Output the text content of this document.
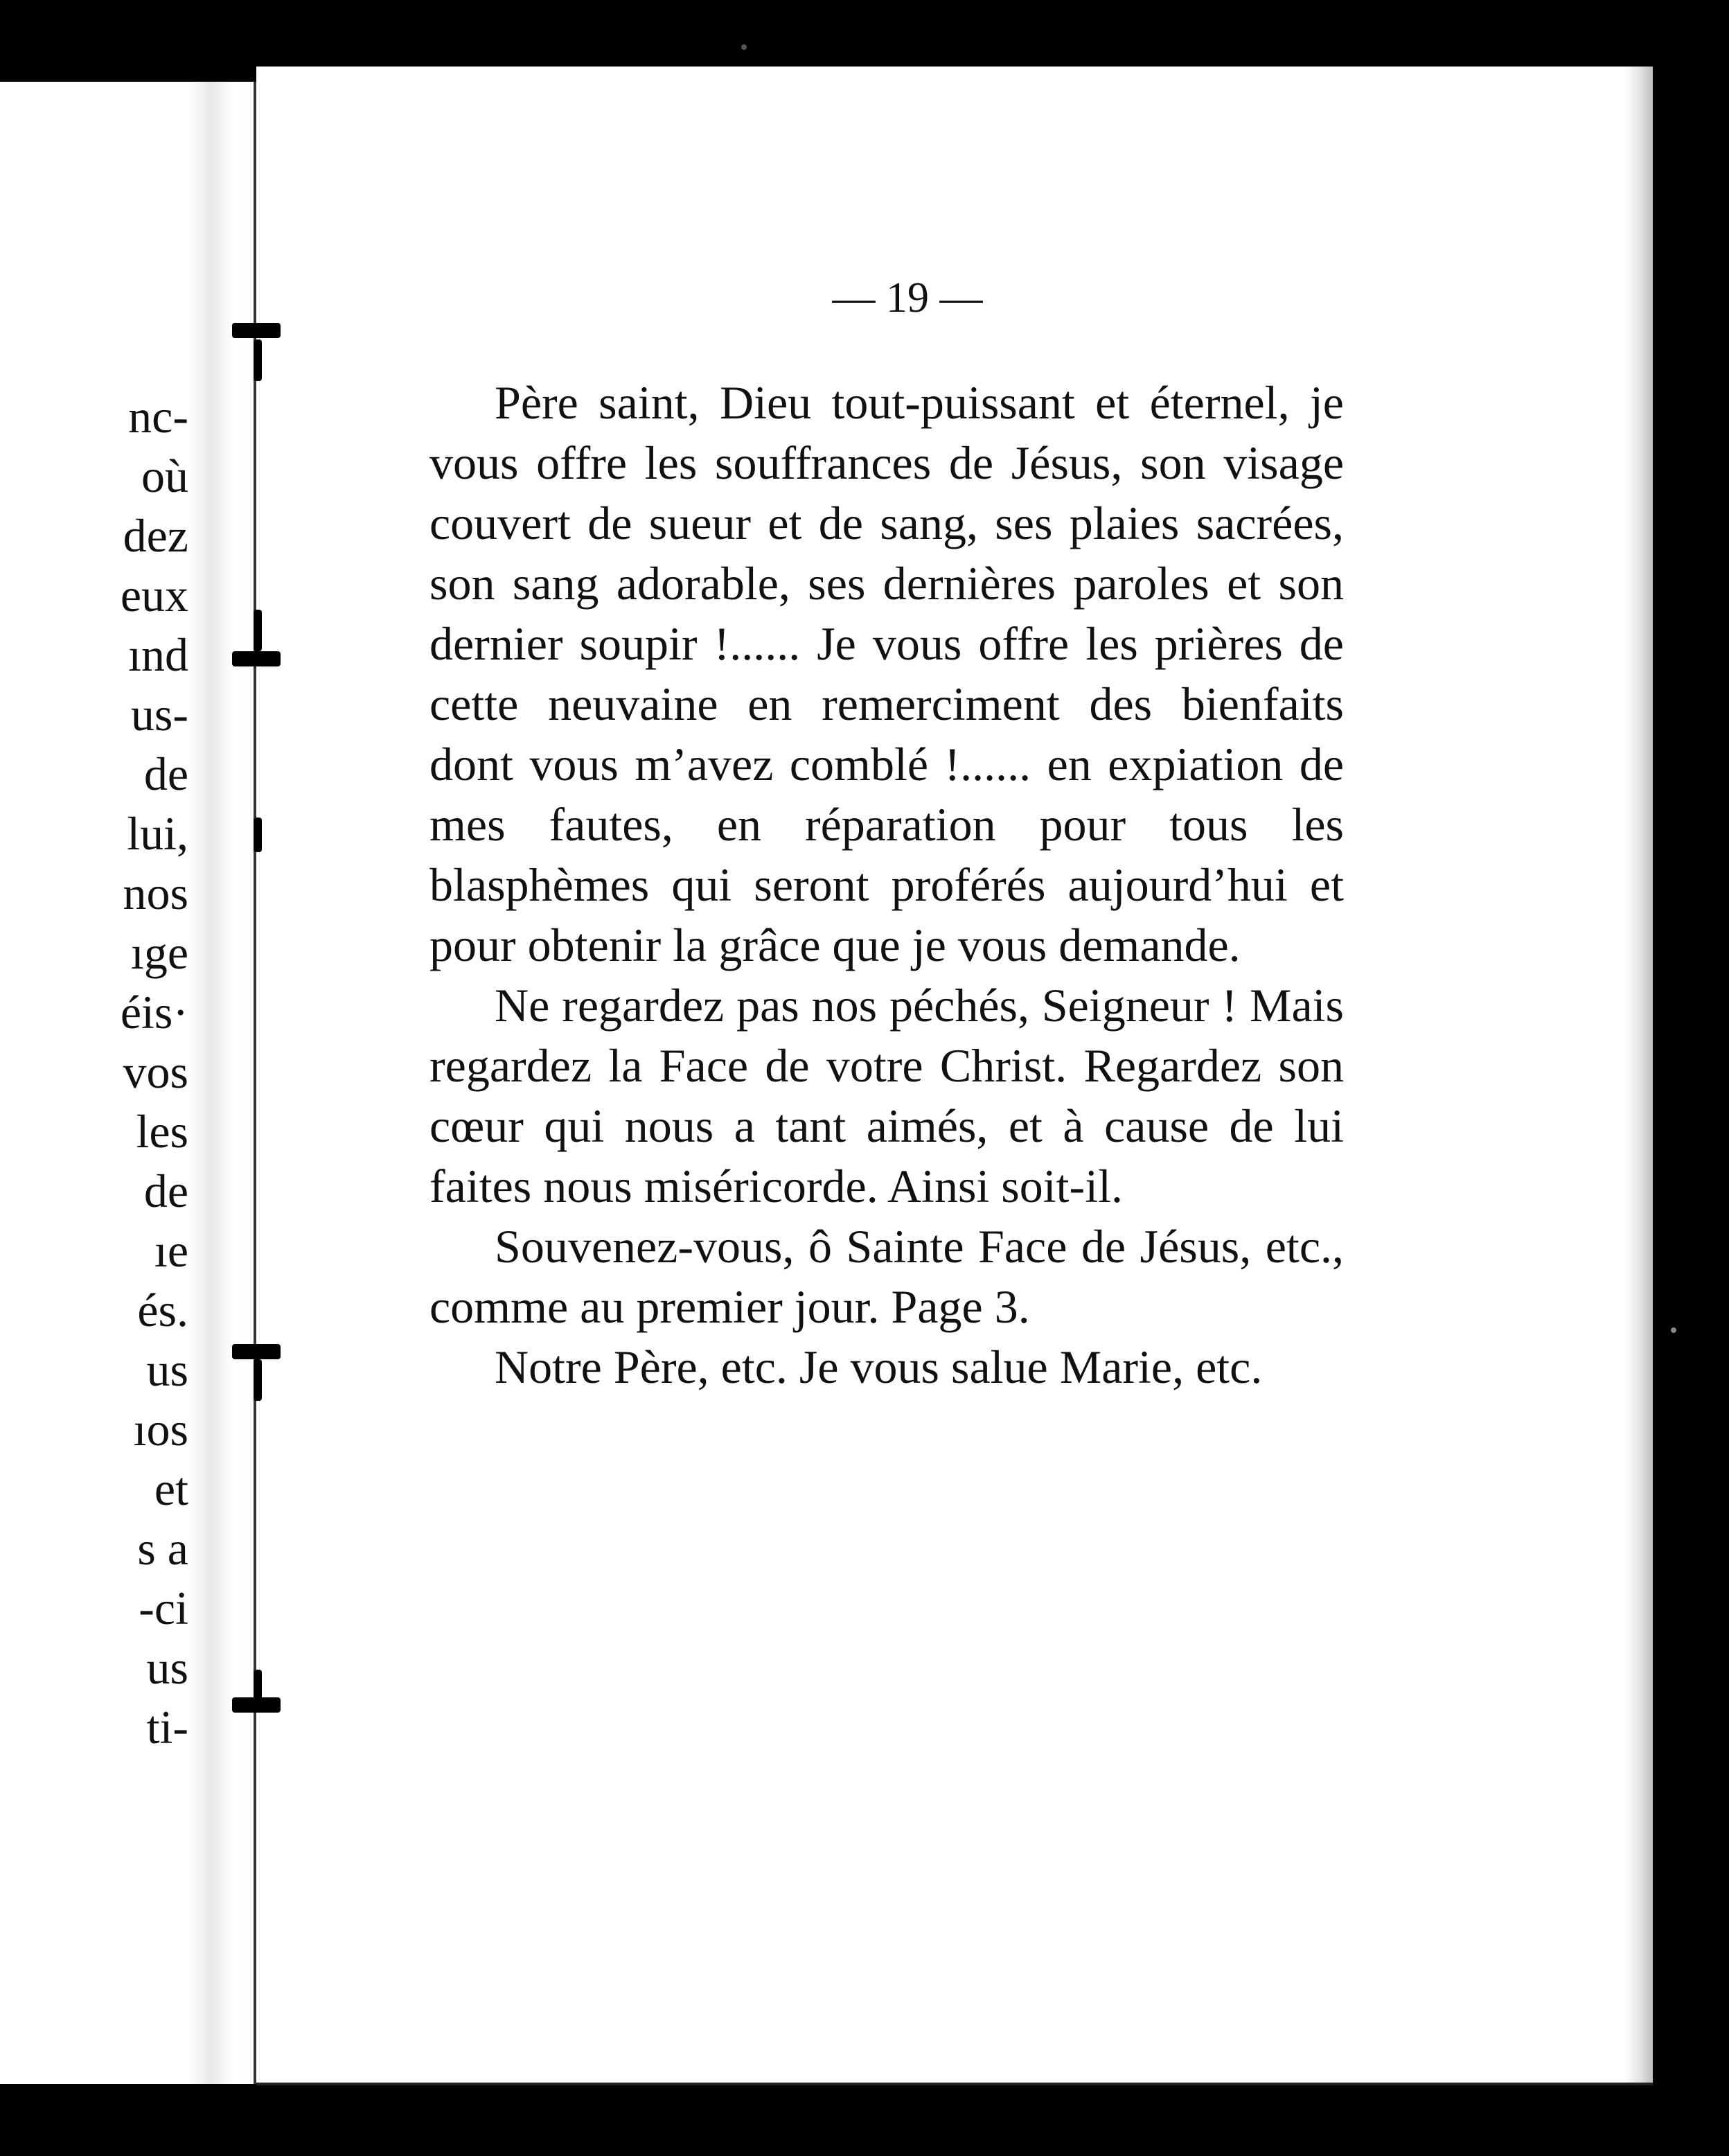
nc-
où
dez
eux
ınd
us-
de
lui,
nos
ıge
éis·
vos
les
de
ıe
és.
us
ıos
et
s a
-ci
us
ti-
— 19 —

Père saint, Dieu tout-puissant et éternel, je vous offre les souffrances de Jésus, son visage couvert de sueur et de sang, ses plaies sacrées, son sang adorable, ses dernières paroles et son dernier soupir !...... Je vous offre les prières de cette neuvaine en remerciment des bienfaits dont vous m’avez comblé !...... en expiation de mes fautes, en réparation pour tous les blasphèmes qui seront proférés aujourd’hui et pour obtenir la grâce que je vous demande.

Ne regardez pas nos péchés, Seigneur ! Mais regardez la Face de votre Christ. Regardez son cœur qui nous a tant aimés, et à cause de lui faites nous miséricorde. Ainsi soit-il.

Souvenez-vous, ô Sainte Face de Jésus, etc., comme au premier jour. Page 3.

Notre Père, etc. Je vous salue Marie, etc.
